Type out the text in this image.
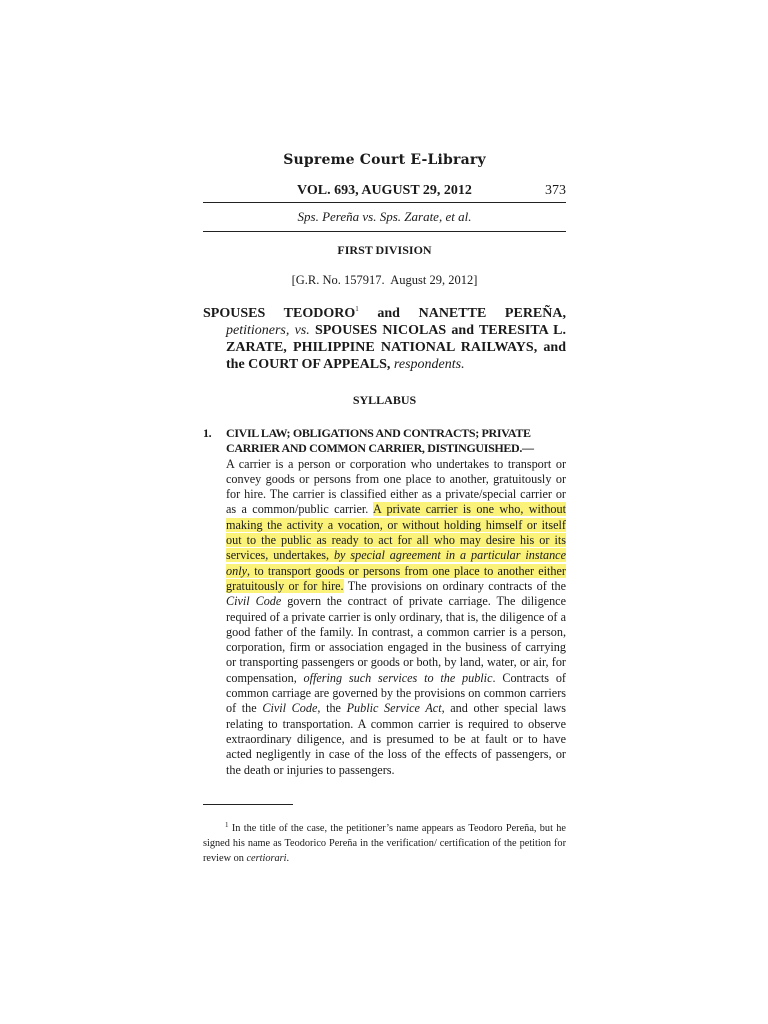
Supreme Court E-Library
VOL. 693, AUGUST 29, 2012	373
Sps. Pereña vs. Sps. Zarate, et al.
FIRST DIVISION
[G.R. No. 157917.  August 29, 2012]
SPOUSES TEODORO$^1$ and NANETTE PEREÑA,
petitioners, vs. SPOUSES NICOLAS and TERESITA L. ZARATE, PHILIPPINE NATIONAL RAILWAYS, and the COURT OF APPEALS, respondents.
SYLLABUS
1. CIVIL LAW; OBLIGATIONS AND CONTRACTS; PRIVATE CARRIER AND COMMON CARRIER, DISTINGUISHED.—
A carrier is a person or corporation who undertakes to transport or convey goods or persons from one place to another, gratuitously or for hire. The carrier is classified either as a private/special carrier or as a common/public carrier. A private carrier is one who, without making the activity a vocation, or without holding himself or itself out to the public as ready to act for all who may desire his or its services, undertakes, by special agreement in a particular instance only, to transport goods or persons from one place to another either gratuitously or for hire. The provisions on ordinary contracts of the Civil Code govern the contract of private carriage. The diligence required of a private carrier is only ordinary, that is, the diligence of a good father of the family. In contrast, a common carrier is a person, corporation, firm or association engaged in the business of carrying or transporting passengers or goods or both, by land, water, or air, for compensation, offering such services to the public. Contracts of common carriage are governed by the provisions on common carriers of the Civil Code, the Public Service Act, and other special laws relating to transportation. A common carrier is required to observe extraordinary diligence, and is presumed to be at fault or to have acted negligently in case of the loss of the effects of passengers, or the death or injuries to passengers.
$^1$ In the title of the case, the petitioner’s name appears as Teodoro Pereña, but he signed his name as Teodorico Pereña in the verification/ certification of the petition for review on certiorari.
